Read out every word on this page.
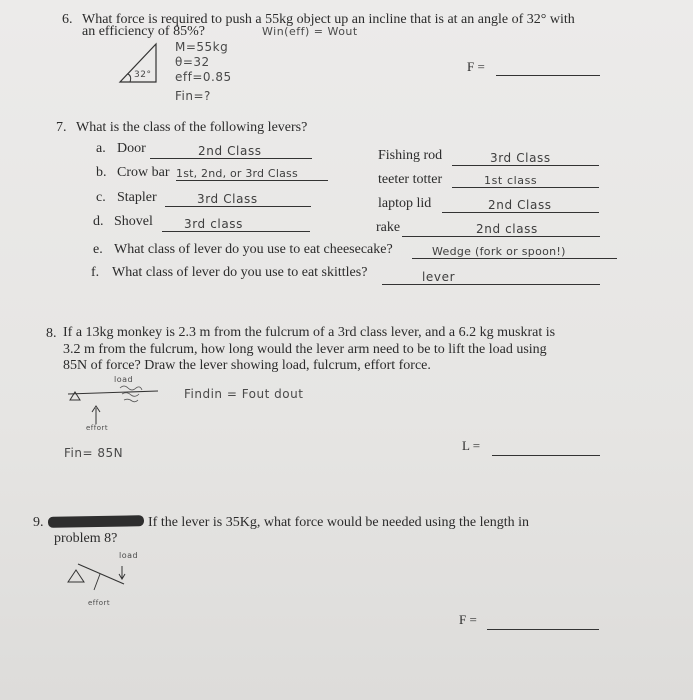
6. What force is required to push a 55kg object up an incline that is at an angle of 32° with
an efficiency of 85%?	Win(eff) = Wout
32°
M=55kg
θ=32
eff=0.85
Fin=?
F =
7. What is the class of the following levers?
a. Door	2nd Class
b. Crow bar 1st, 2nd, or 3rd Class
c. Stapler	3rd Class
d. Shovel	3rd class
Fishing rod	3rd Class
teeter totter	1st class
laptop lid	2nd Class
rake	2nd class
e. What class of lever do you use to eat cheesecake?	Wedge (fork or spoon!)
f. What class of lever do you use to eat skittles?	lever
8. If a 13kg monkey is 2.3 m from the fulcrum of a 3rd class lever, and a 6.2 kg muskrat is
3.2 m from the fulcrum, how long would the lever arm need to be to lift the load using
85N of force? Draw the lever showing load, fulcrum, effort force.
load
effort
Findin = Fout dout
Fin= 85N	L =
9.	If the lever is 35Kg, what force would be needed using the length in
problem 8?
load
effort
F =
